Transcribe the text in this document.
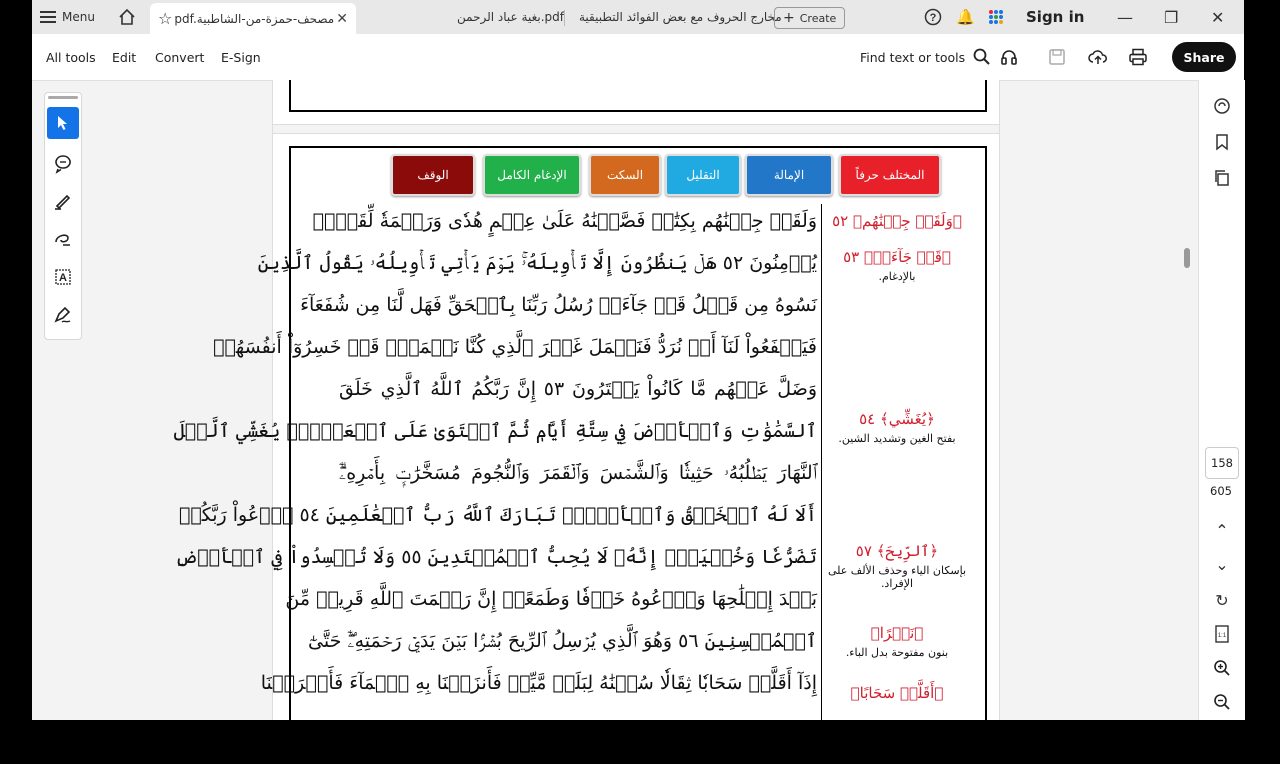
Menu	☆ pdf.مصحف-حمزة-من-الشاطبية ✕	بغية عباد الرحمن.pdf مخارج الحروف مع بعض الفوائد التطبيقية + Create	? 🔔	Sign in — ❐ ✕
All tools Edit Convert E-Sign	Find text or tools	Share
A
المختلف حرفاً
الإمالة
التقليل
السكت
الإدغام الكامل
الوقف
﴿وَلَقَدۡ جِئۡنَٰهُم﴾ ٥٢
﴿قَدۡ جَآءَتۡ﴾ ٥٣
بالإدغام.
﴿يُغَشِّي﴾ ٥٤
بفتح الغين وتشديد الشين.
﴿ٱلرِّيحَ﴾ ٥٧
بإسكان الياء وحذف الألف على الإفراد.
﴿نَشۡرًا﴾
بنون مفتوحة بدل الباء.
﴿أَقَلَّتۡ سَحَابًا﴾
وَلَقَدۡ جِئۡنَٰهُم بِكِتَٰبٖ فَصَّلۡنَٰهُ عَلَىٰ عِلۡمٍ هُدٗى وَرَحۡمَةٗ لِّقَوۡمٖ
يُؤۡمِنُونَ ٥٢ هَلۡ يَنظُرُونَ إِلَّا تَأۡوِيلَهُۥۚ يَوۡمَ يَأۡتِي تَأۡوِيلُهُۥ يَقُولُ ٱلَّذِينَ
نَسُوهُ مِن قَبۡلُ قَدۡ جَآءَتۡ رُسُلُ رَبِّنَا بِٱلۡحَقِّ فَهَل لَّنَا مِن شُفَعَآءَ
فَيَشۡفَعُواْ لَنَآ أَوۡ نُرَدُّ فَنَعۡمَلَ غَيۡرَ ٱلَّذِي كُنَّا نَعۡمَلُۚ قَدۡ خَسِرُوٓاْ أَنفُسَهُمۡ
وَضَلَّ عَنۡهُم مَّا كَانُواْ يَفۡتَرُونَ ٥٣ إِنَّ رَبَّكُمُ ٱللَّهُ ٱلَّذِي خَلَقَ
ٱلسَّمَٰوَٰتِ وَٱلۡأَرۡضَ فِي سِتَّةِ أَيَّامٖ ثُمَّ ٱسۡتَوَىٰ عَلَى ٱلۡعَرۡشِۖ يُغَشِّي ٱلَّيۡلَ
ٱلنَّهَارَ يَطۡلُبُهُۥ حَثِيثٗا وَٱلشَّمۡسَ وَٱلۡقَمَرَ وَٱلنُّجُومَ مُسَخَّرَٰتِۭ بِأَمۡرِهِۦٓۗ
أَلَا لَهُ ٱلۡخَلۡقُ وَٱلۡأَمۡرُۗ تَبَارَكَ ٱللَّهُ رَبُّ ٱلۡعَٰلَمِينَ ٥٤ ٱدۡعُواْ رَبَّكُمۡ
تَضَرُّعٗا وَخُفۡيَةًۚ إِنَّهُۥ لَا يُحِبُّ ٱلۡمُعۡتَدِينَ ٥٥ وَلَا تُفۡسِدُواْ فِي ٱلۡأَرۡضِ
بَعۡدَ إِصۡلَٰحِهَا وَٱدۡعُوهُ خَوۡفٗا وَطَمَعًاۚ إِنَّ رَحۡمَتَ ٱللَّهِ قَرِيبٞ مِّنَ
ٱلۡمُحۡسِنِينَ ٥٦ وَهُوَ ٱلَّذِي يُرۡسِلُ ٱلرِّيحَ بُشۡرَۢا بَيۡنَ يَدَيۡ رَحۡمَتِهِۦٓۖ حَتَّىٰٓ
إِذَآ أَقَلَّتۡ سَحَابٗا ثِقَالٗا سُقۡنَٰهُ لِبَلَدٖ مَّيِّتٖ فَأَنزَلۡنَا بِهِ ٱلۡمَآءَ فَأَخۡرَجۡنَا
⌃
⌄
↻
1:1
158
605
